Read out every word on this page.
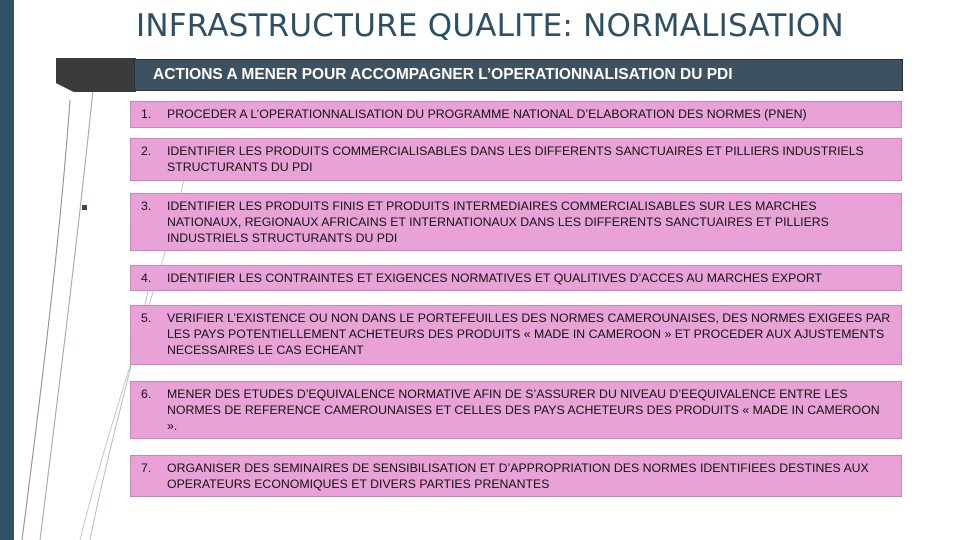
INFRASTRUCTURE QUALITE: NORMALISATION
ACTIONS A MENER POUR ACCOMPAGNER L’OPERATIONNALISATION DU PDI
1.	PROCEDER A L’OPERATIONNALISATION DU PROGRAMME NATIONAL D’ELABORATION DES NORMES (PNEN)
2.	IDENTIFIER LES PRODUITS COMMERCIALISABLES DANS LES DIFFERENTS SANCTUAIRES ET PILLIERS INDUSTRIELS STRUCTURANTS DU PDI
3.	IDENTIFIER LES PRODUITS FINIS ET PRODUITS INTERMEDIAIRES COMMERCIALISABLES SUR LES MARCHES NATIONAUX, REGIONAUX AFRICAINS ET INTERNATIONAUX DANS LES DIFFERENTS SANCTUAIRES ET PILLIERS INDUSTRIELS STRUCTURANTS DU PDI
4.	IDENTIFIER LES CONTRAINTES ET EXIGENCES NORMATIVES ET QUALITIVES D’ACCES AU MARCHES EXPORT
5.	VERIFIER L’EXISTENCE OU NON DANS LE PORTEFEUILLES DES NORMES CAMEROUNAISES, DES NORMES EXIGEES PAR LES PAYS POTENTIELLEMENT ACHETEURS DES PRODUITS « MADE IN CAMEROON » ET PROCEDER AUX AJUSTEMENTS NECESSAIRES LE CAS ECHEANT
6.	MENER DES ETUDES D’EQUIVALENCE NORMATIVE AFIN DE S’ASSURER DU NIVEAU D’EEQUIVALENCE ENTRE LES NORMES DE REFERENCE CAMEROUNAISES ET CELLES DES PAYS ACHETEURS DES PRODUITS « MADE IN CAMEROON ».
7.	ORGANISER DES SEMINAIRES DE SENSIBILISATION ET D’APPROPRIATION DES NORMES IDENTIFIEES DESTINES AUX OPERATEURS ECONOMIQUES ET DIVERS PARTIES PRENANTES
